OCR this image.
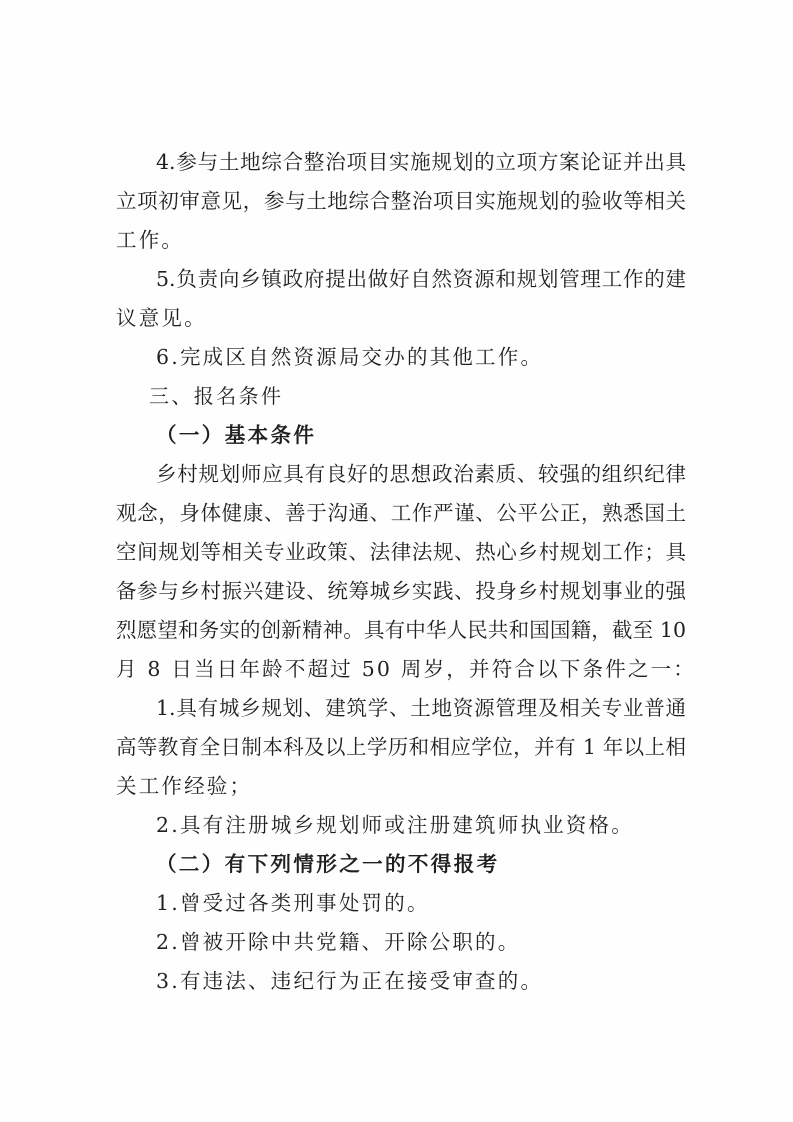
4.参与土地综合整治项目实施规划的立项方案论证并出具
立项初审意见，参与土地综合整治项目实施规划的验收等相关
工作。
5.负责向乡镇政府提出做好自然资源和规划管理工作的建
议意见。
6.完成区自然资源局交办的其他工作。
三、报名条件
（一）基本条件
乡村规划师应具有良好的思想政治素质、较强的组织纪律
观念，身体健康、善于沟通、工作严谨、公平公正，熟悉国土
空间规划等相关专业政策、法律法规、热心乡村规划工作；具
备参与乡村振兴建设、统筹城乡实践、投身乡村规划事业的强
烈愿望和务实的创新精神。具有中华人民共和国国籍，截至 10
月 8 日当日年龄不超过 50 周岁，并符合以下条件之一：
1.具有城乡规划、建筑学、土地资源管理及相关专业普通
高等教育全日制本科及以上学历和相应学位，并有 1 年以上相
关工作经验；
2.具有注册城乡规划师或注册建筑师执业资格。
（二）有下列情形之一的不得报考
1.曾受过各类刑事处罚的。
2.曾被开除中共党籍、开除公职的。
3.有违法、违纪行为正在接受审查的。
